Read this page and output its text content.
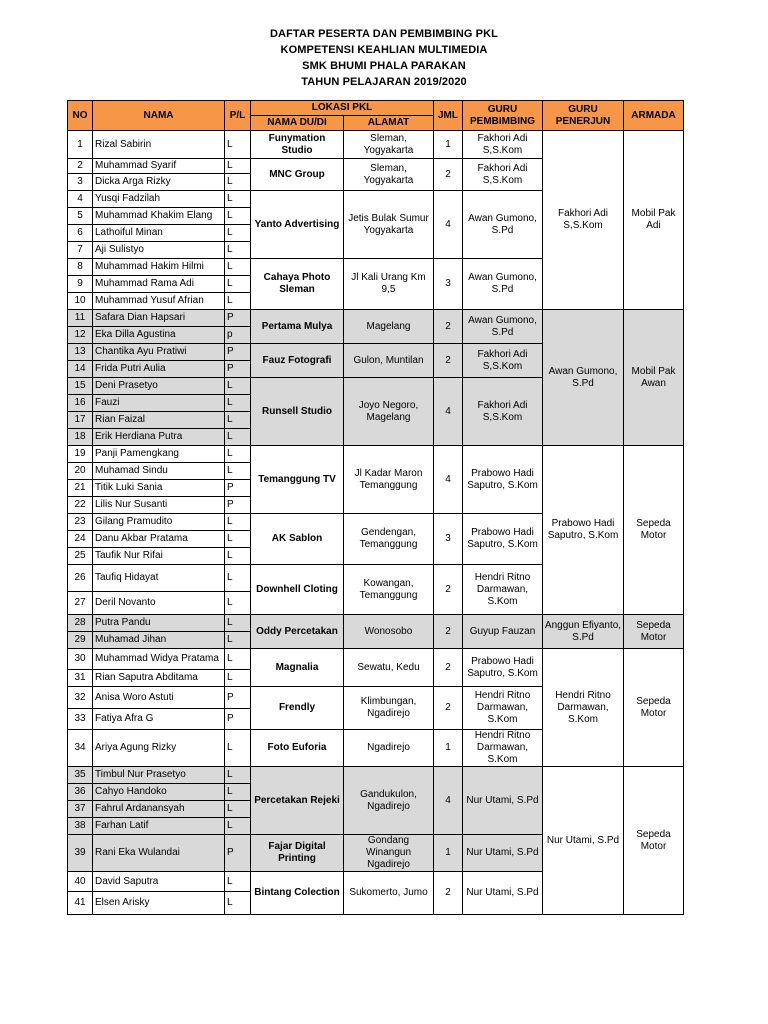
DAFTAR PESERTA DAN PEMBIMBING PKL
KOMPETENSI KEAHLIAN MULTIMEDIA
SMK BHUMI PHALA PARAKAN
TAHUN PELAJARAN 2019/2020
NO	NAMA	P/L	LOKASI PKL		JML	GURU PEMBIMBING	GURU PENERJUN	ARMADA
			NAMA DU/DI	ALAMAT				
1	Rizal Sabirin	L	Funymation Studio	Sleman, Yogyakarta	1	Fakhori Adi S,S.Kom	Fakhori Adi S,S.Kom	Mobil Pak Adi
2	Muhammad Syarif	L	MNC Group	Sleman, Yogyakarta	2	Fakhori Adi S,S.Kom		
3	Dicka Arga Rizky	L						
4	Yusqi Fadzilah	L	Yanto Advertising	Jetis Bulak Sumur Yogyakarta	4	Awan Gumono, S.Pd		
5	Muhammad Khakim Elang	L						
6	Lathoiful Minan	L						
7	Aji Sulistyo	L						
8	Muhammad Hakim Hilmi	L	Cahaya Photo Sleman	Jl Kali Urang Km 9,5	3	Awan Gumono, S.Pd		
9	Muhammad Rama Adi	L						
10	Muhammad Yusuf Afrian	L						
11	Safara Dian Hapsari	P	Pertama Mulya	Magelang	2	Awan Gumono, S.Pd	Awan Gumono, S.Pd	Mobil Pak Awan
12	Eka Dilla Agustina	p						
13	Chantika Ayu Pratiwi	P	Fauz Fotografi	Gulon, Muntilan	2	Fakhori Adi S,S.Kom		
14	Frida Putri Aulia	P						
15	Deni Prasetyo	L	Runsell Studio	Joyo Negoro, Magelang	4	Fakhori Adi S,S.Kom		
16	Fauzi	L						
17	Rian Faizal	L						
18	Erik Herdiana Putra	L						
19	Panji Pamengkang	L	Temanggung TV	Jl Kadar Maron Temanggung	4	Prabowo Hadi Saputro, S.Kom	Prabowo Hadi Saputro, S.Kom	Sepeda Motor
20	Muhamad Sindu	L						
21	Titik Luki Sania	P						
22	Lilis Nur Susanti	P						
23	Gilang Pramudito	L	AK Sablon	Gendengan, Temanggung	3	Prabowo Hadi Saputro, S.Kom		
24	Danu Akbar Pratama	L						
25	Taufik Nur Rifai	L						
26	Taufiq Hidayat	L	Downhell Cloting	Kowangan, Temanggung	2	Hendri Ritno Darmawan, S.Kom		
27	Deril Novanto	L						
28	Putra Pandu	L	Oddy Percetakan	Wonosobo	2	Guyup Fauzan	Anggun Efiyanto, S.Pd	Sepeda Motor
29	Muhamad Jihan	L						
30	Muhammad Widya Pratama	L	Magnalia	Sewatu, Kedu	2	Prabowo Hadi Saputro, S.Kom	Hendri Ritno Darmawan, S.Kom	Sepeda Motor
31	Rian Saputra Abditama	L						
32	Anisa Woro Astuti	P	Frendly	Klimbungan, Ngadirejo	2	Hendri Ritno Darmawan, S.Kom		
33	Fatiya Afra G	P						
34	Ariya Agung Rizky	L	Foto Euforia	Ngadirejo	1	Hendri Ritno Darmawan, S.Kom		
35	Timbul Nur Prasetyo	L	Percetakan Rejeki	Gandukulon, Ngadirejo	4	Nur Utami, S.Pd	Nur Utami, S.Pd	Sepeda Motor
36	Cahyo Handoko	L						
37	Fahrul Ardanansyah	L						
38	Farhan Latif	L						
39	Rani Eka Wulandai	P	Fajar Digital Printing	Gondang Winangun Ngadirejo	1	Nur Utami, S.Pd		
40	David Saputra	L	Bintang Colection	Sukomerto, Jumo	2	Nur Utami, S.Pd		
41	Elsen Arisky	L						
